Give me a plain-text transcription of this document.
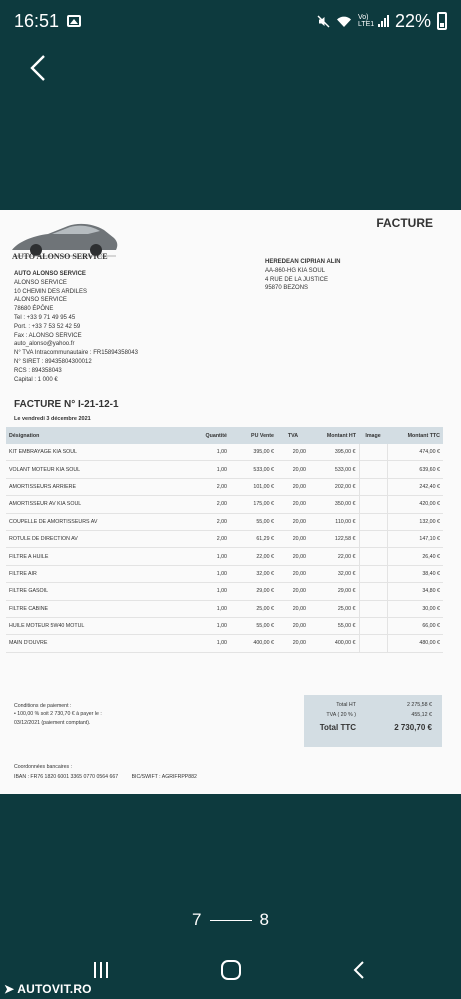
16:51	Vo) LTE1 22%
AUTO ALONSO SERVICE
FACTURE
AUTO ALONSO SERVICE
ALONSO SERVICE
10 CHEMIN DES ARDILES
ALONSO SERVICE
78680 ÉPÔNE
Tel : +33 9 71 49 95 45
Port. : +33 7 53 52 42 59
Fax : ALONSO SERVICE
auto_alonso@yahoo.fr
N° TVA Intracommunautaire : FR15894358043
N° SIRET : 89435804300012
RCS : 894358043
Capital : 1 000 €
HEREDEAN CIPRIAN ALIN
AA-860-HG KIA SOUL
4 RUE DE LA JUSTICE
95870 BEZONS
FACTURE N° I-21-12-1
Le vendredi 3 décembre 2021
Désignation	Quantité	PU Vente	TVA	Montant HT	Image	Montant TTC
KIT EMBRAYAGE KIA SOUL	1,00	395,00 €	20,00	395,00 €		474,00 €
VOLANT MOTEUR KIA SOUL	1,00	533,00 €	20,00	533,00 €		639,60 €
AMORTISSEURS ARRIERE	2,00	101,00 €	20,00	202,00 €		242,40 €
AMORTISSEUR AV KIA SOUL	2,00	175,00 €	20,00	350,00 €		420,00 €
COUPELLE DE AMORTISSEURS AV	2,00	55,00 €	20,00	110,00 €		132,00 €
ROTULE DE DIRECTION AV	2,00	61,29 €	20,00	122,58 €		147,10 €
FILTRE A HUILE	1,00	22,00 €	20,00	22,00 €		26,40 €
FILTRE AIR	1,00	32,00 €	20,00	32,00 €		38,40 €
FILTRE GASOIL	1,00	29,00 €	20,00	29,00 €		34,80 €
FILTRE CABINE	1,00	25,00 €	20,00	25,00 €		30,00 €
HUILE MOTEUR 5W40 MOTUL	1,00	55,00 €	20,00	55,00 €		66,00 €
MAIN D'OUVRE	1,00	400,00 €	20,00	400,00 €		480,00 €
Conditions de paiement :
• 100,00 % soit 2 730,70 € à payer le :
03/12/2021 (paiement comptant).
Total HT	2 275,58 €
TVA ( 20 % )	455,12 €
Total TTC	2 730,70 €
Coordonnées bancaires :
IBAN : FR76 1820 6001 3365 0770 0564 667	BIC/SWIFT : AGRIFRPP882
7	8
➤ AUTOVIT.RO
